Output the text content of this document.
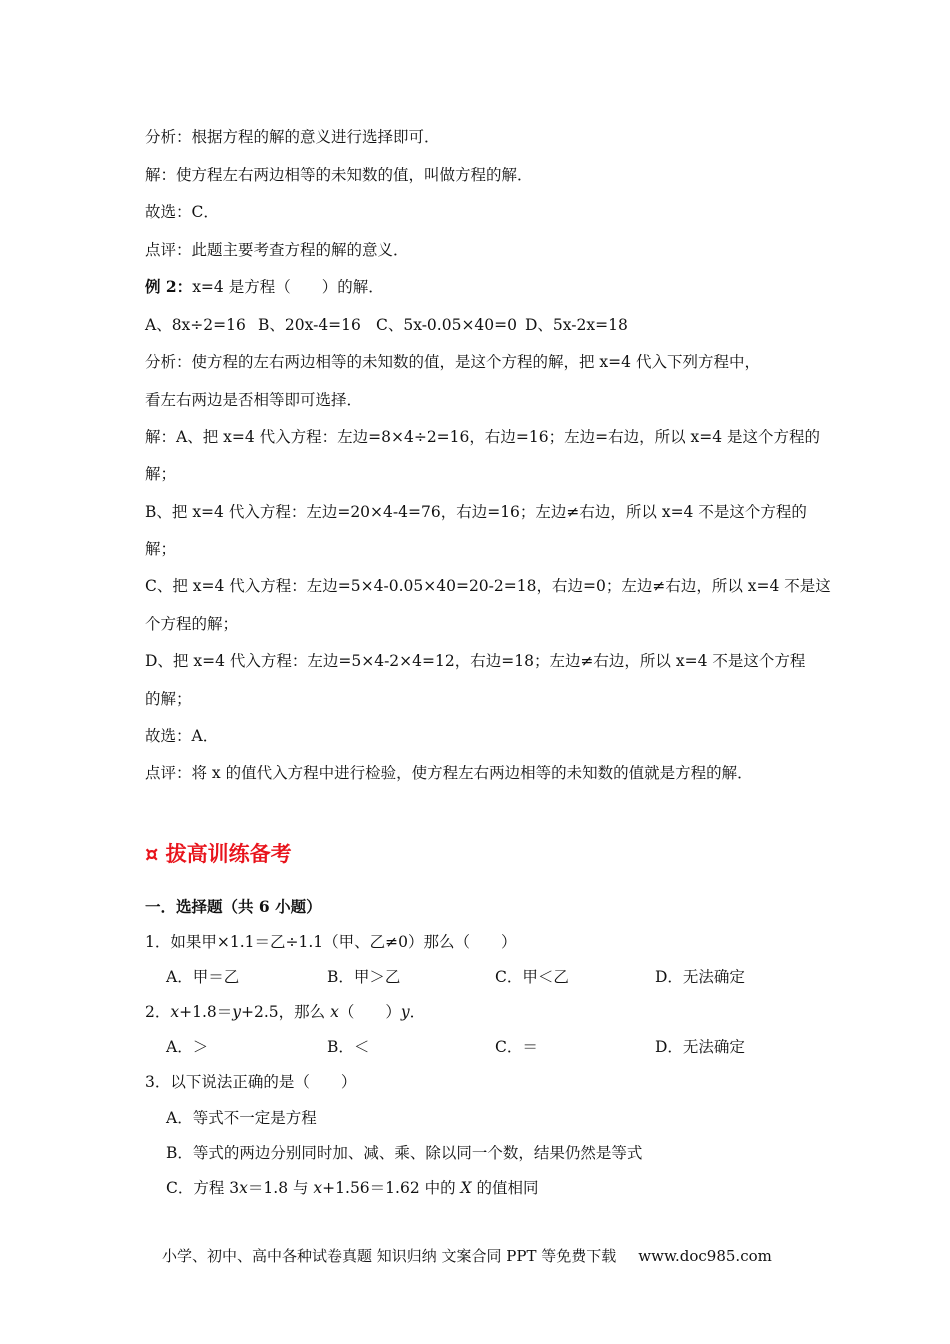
分析：根据方程的解的意义进行选择即可．
解：使方程左右两边相等的未知数的值，叫做方程的解．
故选：C．
点评：此题主要考查方程的解的意义．
例 2：x=4 是方程（　　）的解．
A、8x÷2=16 B、20x-4=16 C、5x-0.05×40=0 D、5x-2x=18
分析：使方程的左右两边相等的未知数的值，是这个方程的解，把 x=4 代入下列方程中，
看左右两边是否相等即可选择．
解：A、把 x=4 代入方程：左边=8×4÷2=16，右边=16；左边=右边，所以 x=4 是这个方程的
解；
B、把 x=4 代入方程：左边=20×4-4=76，右边=16；左边≠右边，所以 x=4 不是这个方程的
解；
C、把 x=4 代入方程：左边=5×4-0.05×40=20-2=18，右边=0；左边≠右边，所以 x=4 不是这
个方程的解；
D、把 x=4 代入方程：左边=5×4-2×4=12，右边=18；左边≠右边，所以 x=4 不是这个方程
的解；
故选：A．
点评：将 x 的值代入方程中进行检验，使方程左右两边相等的未知数的值就是方程的解．
¤ 拔高训练备考
一．选择题（共 6 小题）
1．如果甲×1.1＝乙÷1.1（甲、乙≠0）那么（　　）
A．甲＝乙	B．甲＞乙	C．甲＜乙	D．无法确定
2．x+1.8＝y+2.5，那么 x（　　）y．
A．＞	B．＜	C．＝	D．无法确定
3．以下说法正确的是（　　）
A．等式不一定是方程
B．等式的两边分别同时加、减、乘、除以同一个数，结果仍然是等式
C．方程 3x＝1.8 与 x+1.56＝1.62 中的 X 的值相同
小学、初中、高中各种试卷真题 知识归纳 文案合同 PPT 等免费下载 www.doc985.com
